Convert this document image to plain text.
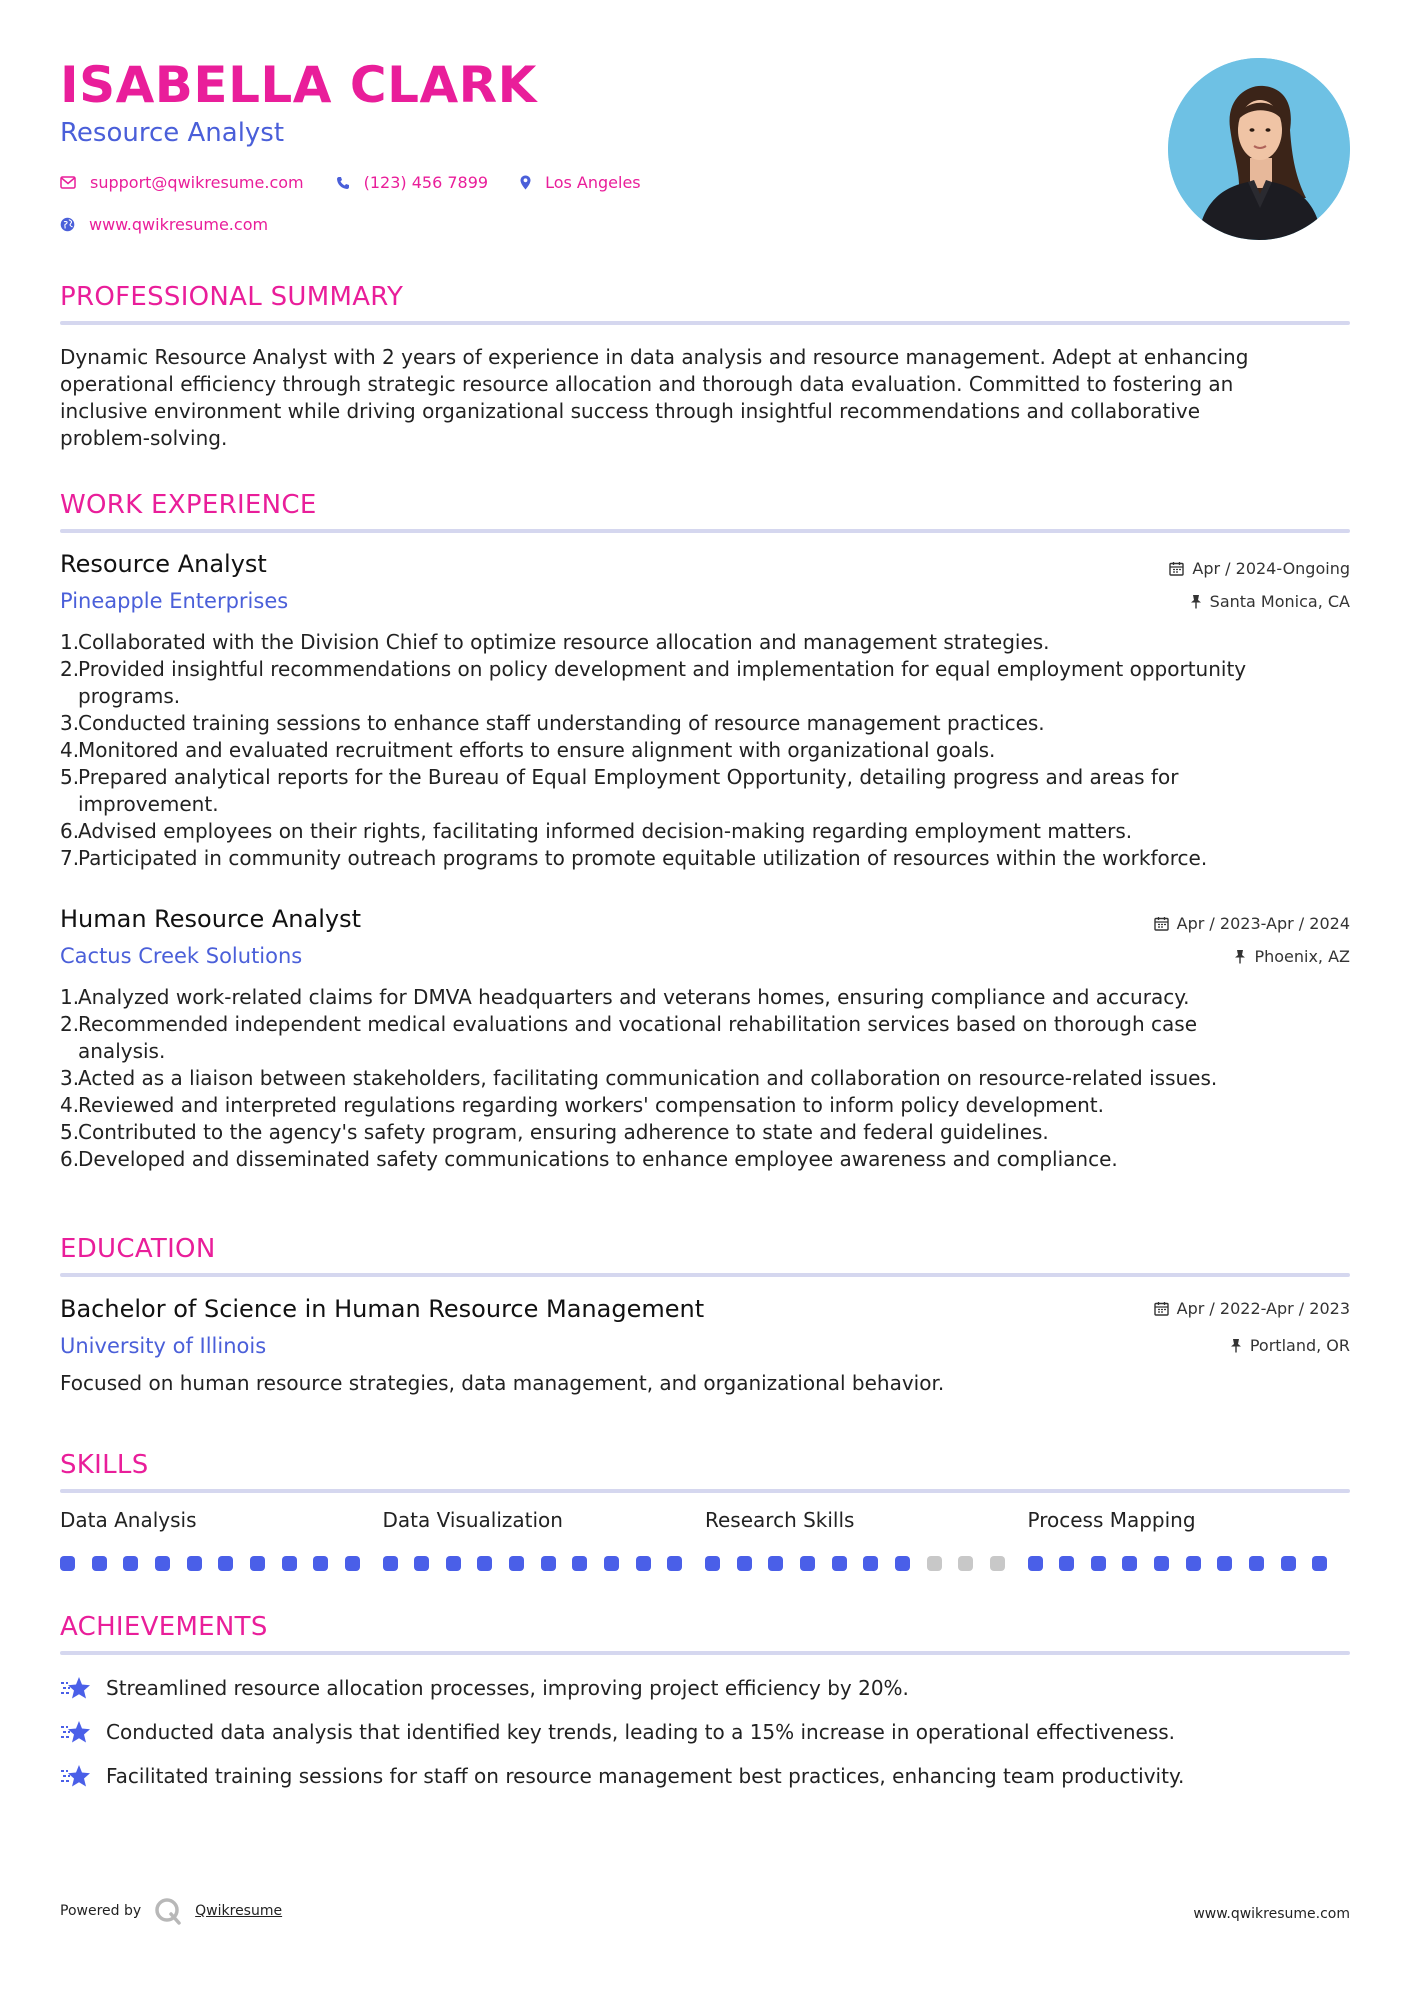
ISABELLA CLARK
Resource Analyst
support@qwikresume.com	(123) 456 7899	Los Angeles
www.qwikresume.com
PROFESSIONAL SUMMARY
Dynamic Resource Analyst with 2 years of experience in data analysis and resource management. Adept at enhancing
operational efficiency through strategic resource allocation and thorough data evaluation. Committed to fostering an
inclusive environment while driving organizational success through insightful recommendations and collaborative
problem-solving.
WORK EXPERIENCE
Resource Analyst
Pineapple Enterprises
Apr / 2024-Ongoing
Santa Monica, CA
1.
Collaborated with the Division Chief to optimize resource allocation and management strategies.
2.
Provided insightful recommendations on policy development and implementation for equal employment opportunity
programs.
3.
Conducted training sessions to enhance staff understanding of resource management practices.
4.
Monitored and evaluated recruitment efforts to ensure alignment with organizational goals.
5.
Prepared analytical reports for the Bureau of Equal Employment Opportunity, detailing progress and areas for
improvement.
6.
Advised employees on their rights, facilitating informed decision-making regarding employment matters.
7.
Participated in community outreach programs to promote equitable utilization of resources within the workforce.
Human Resource Analyst
Cactus Creek Solutions
Apr / 2023-Apr / 2024
Phoenix, AZ
1.
Analyzed work-related claims for DMVA headquarters and veterans homes, ensuring compliance and accuracy.
2.
Recommended independent medical evaluations and vocational rehabilitation services based on thorough case
analysis.
3.
Acted as a liaison between stakeholders, facilitating communication and collaboration on resource-related issues.
4.
Reviewed and interpreted regulations regarding workers' compensation to inform policy development.
5.
Contributed to the agency's safety program, ensuring adherence to state and federal guidelines.
6.
Developed and disseminated safety communications to enhance employee awareness and compliance.
EDUCATION
Bachelor of Science in Human Resource Management
University of Illinois
Apr / 2022-Apr / 2023
Portland, OR
Focused on human resource strategies, data management, and organizational behavior.
SKILLS
Data Analysis	Data Visualization	Research Skills	Process Mapping
ACHIEVEMENTS
Streamlined resource allocation processes, improving project efficiency by 20%.
Conducted data analysis that identified key trends, leading to a 15% increase in operational effectiveness.
Facilitated training sessions for staff on resource management best practices, enhancing team productivity.
Powered by	Qwikresume	www.qwikresume.com
